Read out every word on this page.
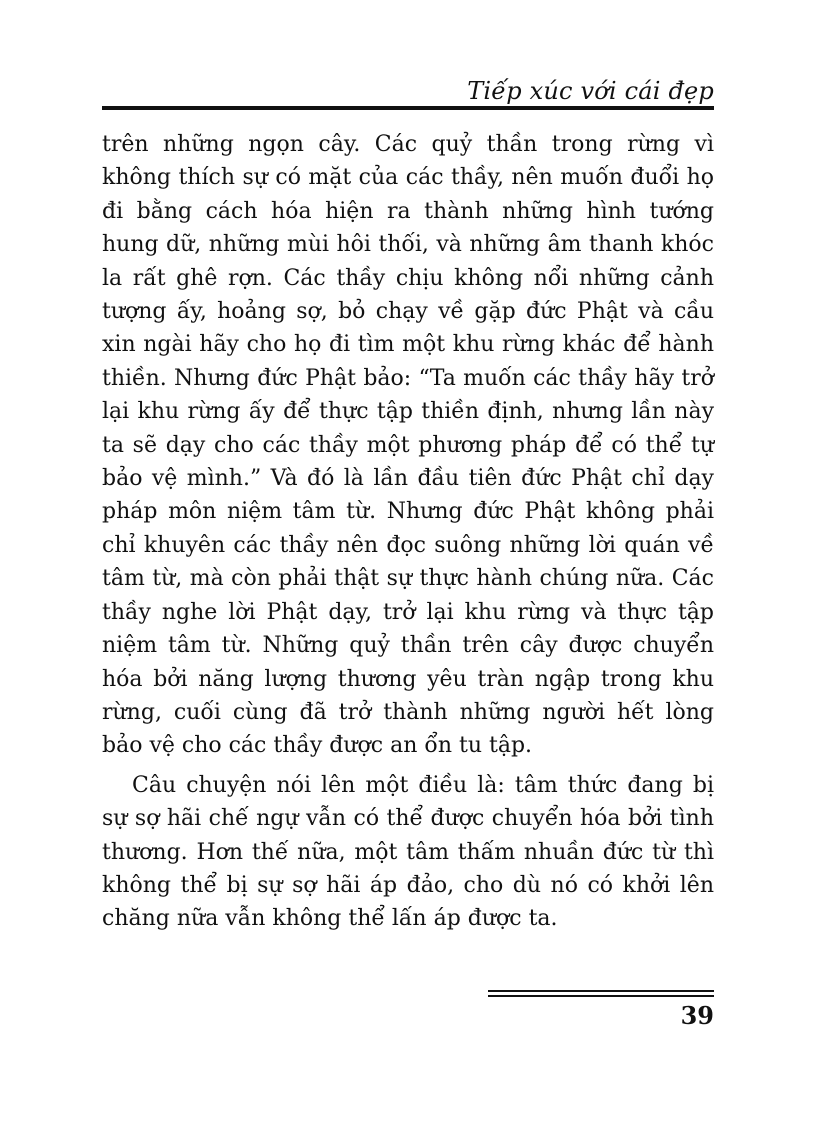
Tiếp xúc với cái đẹp

trên những ngọn cây. Các quỷ thần trong rừng vì không thích sự có mặt của các thầy, nên muốn đuổi họ đi bằng cách hóa hiện ra thành những hình tướng hung dữ, những mùi hôi thối, và những âm thanh khóc la rất ghê rợn. Các thầy chịu không nổi những cảnh tượng ấy, hoảng sợ, bỏ chạy về gặp đức Phật và cầu xin ngài hãy cho họ đi tìm một khu rừng khác để hành thiền. Nhưng đức Phật bảo: “Ta muốn các thầy hãy trở lại khu rừng ấy để thực tập thiền định, nhưng lần này ta sẽ dạy cho các thầy một phương pháp để có thể tự bảo vệ mình.” Và đó là lần đầu tiên đức Phật chỉ dạy pháp môn niệm tâm từ. Nhưng đức Phật không phải chỉ khuyên các thầy nên đọc suông những lời quán về tâm từ, mà còn phải thật sự thực hành chúng nữa. Các thầy nghe lời Phật dạy, trở lại khu rừng và thực tập niệm tâm từ. Những quỷ thần trên cây được chuyển hóa bởi năng lượng thương yêu tràn ngập trong khu rừng, cuối cùng đã trở thành những người hết lòng bảo vệ cho các thầy được an ổn tu tập.

Câu chuyện nói lên một điều là: tâm thức đang bị sự sợ hãi chế ngự vẫn có thể được chuyển hóa bởi tình thương. Hơn thế nữa, một tâm thấm nhuần đức từ thì không thể bị sự sợ hãi áp đảo, cho dù nó có khởi lên chăng nữa vẫn không thể lấn áp được ta.

39
